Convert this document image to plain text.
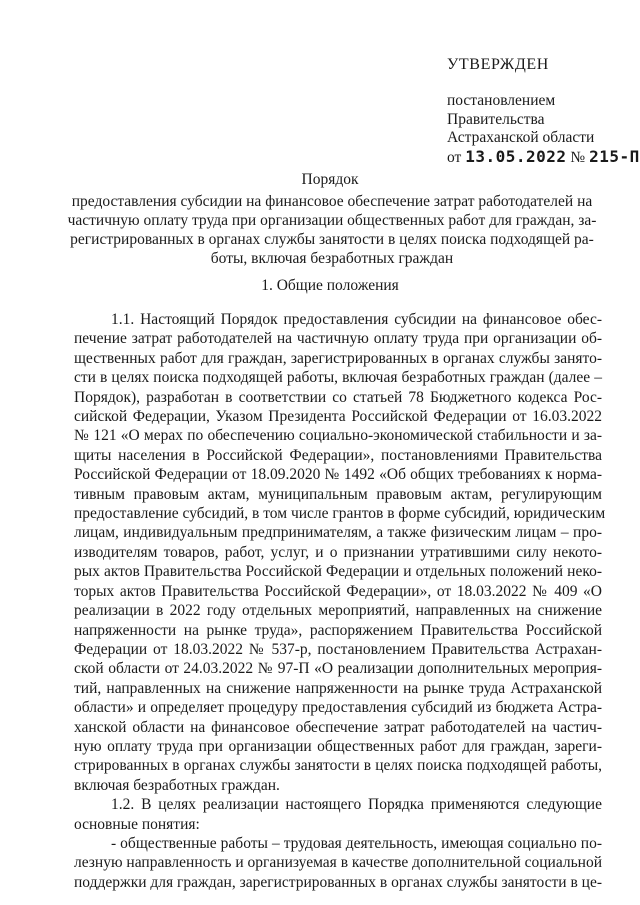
УТВЕРЖДЕН
постановлением
Правительства
Астраханской области
от 13.05.2022 № 215-П
Порядок
предоставления субсидии на финансовое обеспечение затрат работодателей на
частичную оплату труда при организации общественных работ для граждан, за-
регистрированных в органах службы занятости в целях поиска подходящей ра-
боты, включая безработных граждан
1. Общие положения
1.1. Настоящий Порядок предоставления субсидии на финансовое обес-
печение затрат работодателей на частичную оплату труда при организации об-
щественных работ для граждан, зарегистрированных в органах службы занято-
сти в целях поиска подходящей работы, включая безработных граждан (далее –
Порядок), разработан в соответствии со статьей 78 Бюджетного кодекса Рос-
сийской Федерации, Указом Президента Российской Федерации от 16.03.2022
№ 121 «О мерах по обеспечению социально-экономической стабильности и за-
щиты населения в Российской Федерации», постановлениями Правительства
Российской Федерации от 18.09.2020 № 1492 «Об общих требованиях к норма-
тивным правовым актам, муниципальным правовым актам, регулирующим
предоставление субсидий, в том числе грантов в форме субсидий, юридическим
лицам, индивидуальным предпринимателям, а также физическим лицам – про-
изводителям товаров, работ, услуг, и о признании утратившими силу некото-
рых актов Правительства Российской Федерации и отдельных положений неко-
торых актов Правительства Российской Федерации», от 18.03.2022 № 409 «О
реализации в 2022 году отдельных мероприятий, направленных на снижение
напряженности на рынке труда», распоряжением Правительства Российской
Федерации от 18.03.2022 № 537-р, постановлением Правительства Астрахан-
ской области от 24.03.2022 № 97-П «О реализации дополнительных мероприя-
тий, направленных на снижение напряженности на рынке труда Астраханской
области» и определяет процедуру предоставления субсидий из бюджета Астра-
ханской области на финансовое обеспечение затрат работодателей на частич-
ную оплату труда при организации общественных работ для граждан, зареги-
стрированных в органах службы занятости в целях поиска подходящей работы,
включая безработных граждан.
1.2. В целях реализации настоящего Порядка применяются следующие
основные понятия:
- общественные работы – трудовая деятельность, имеющая социально по-
лезную направленность и организуемая в качестве дополнительной социальной
поддержки для граждан, зарегистрированных в органах службы занятости в це-
